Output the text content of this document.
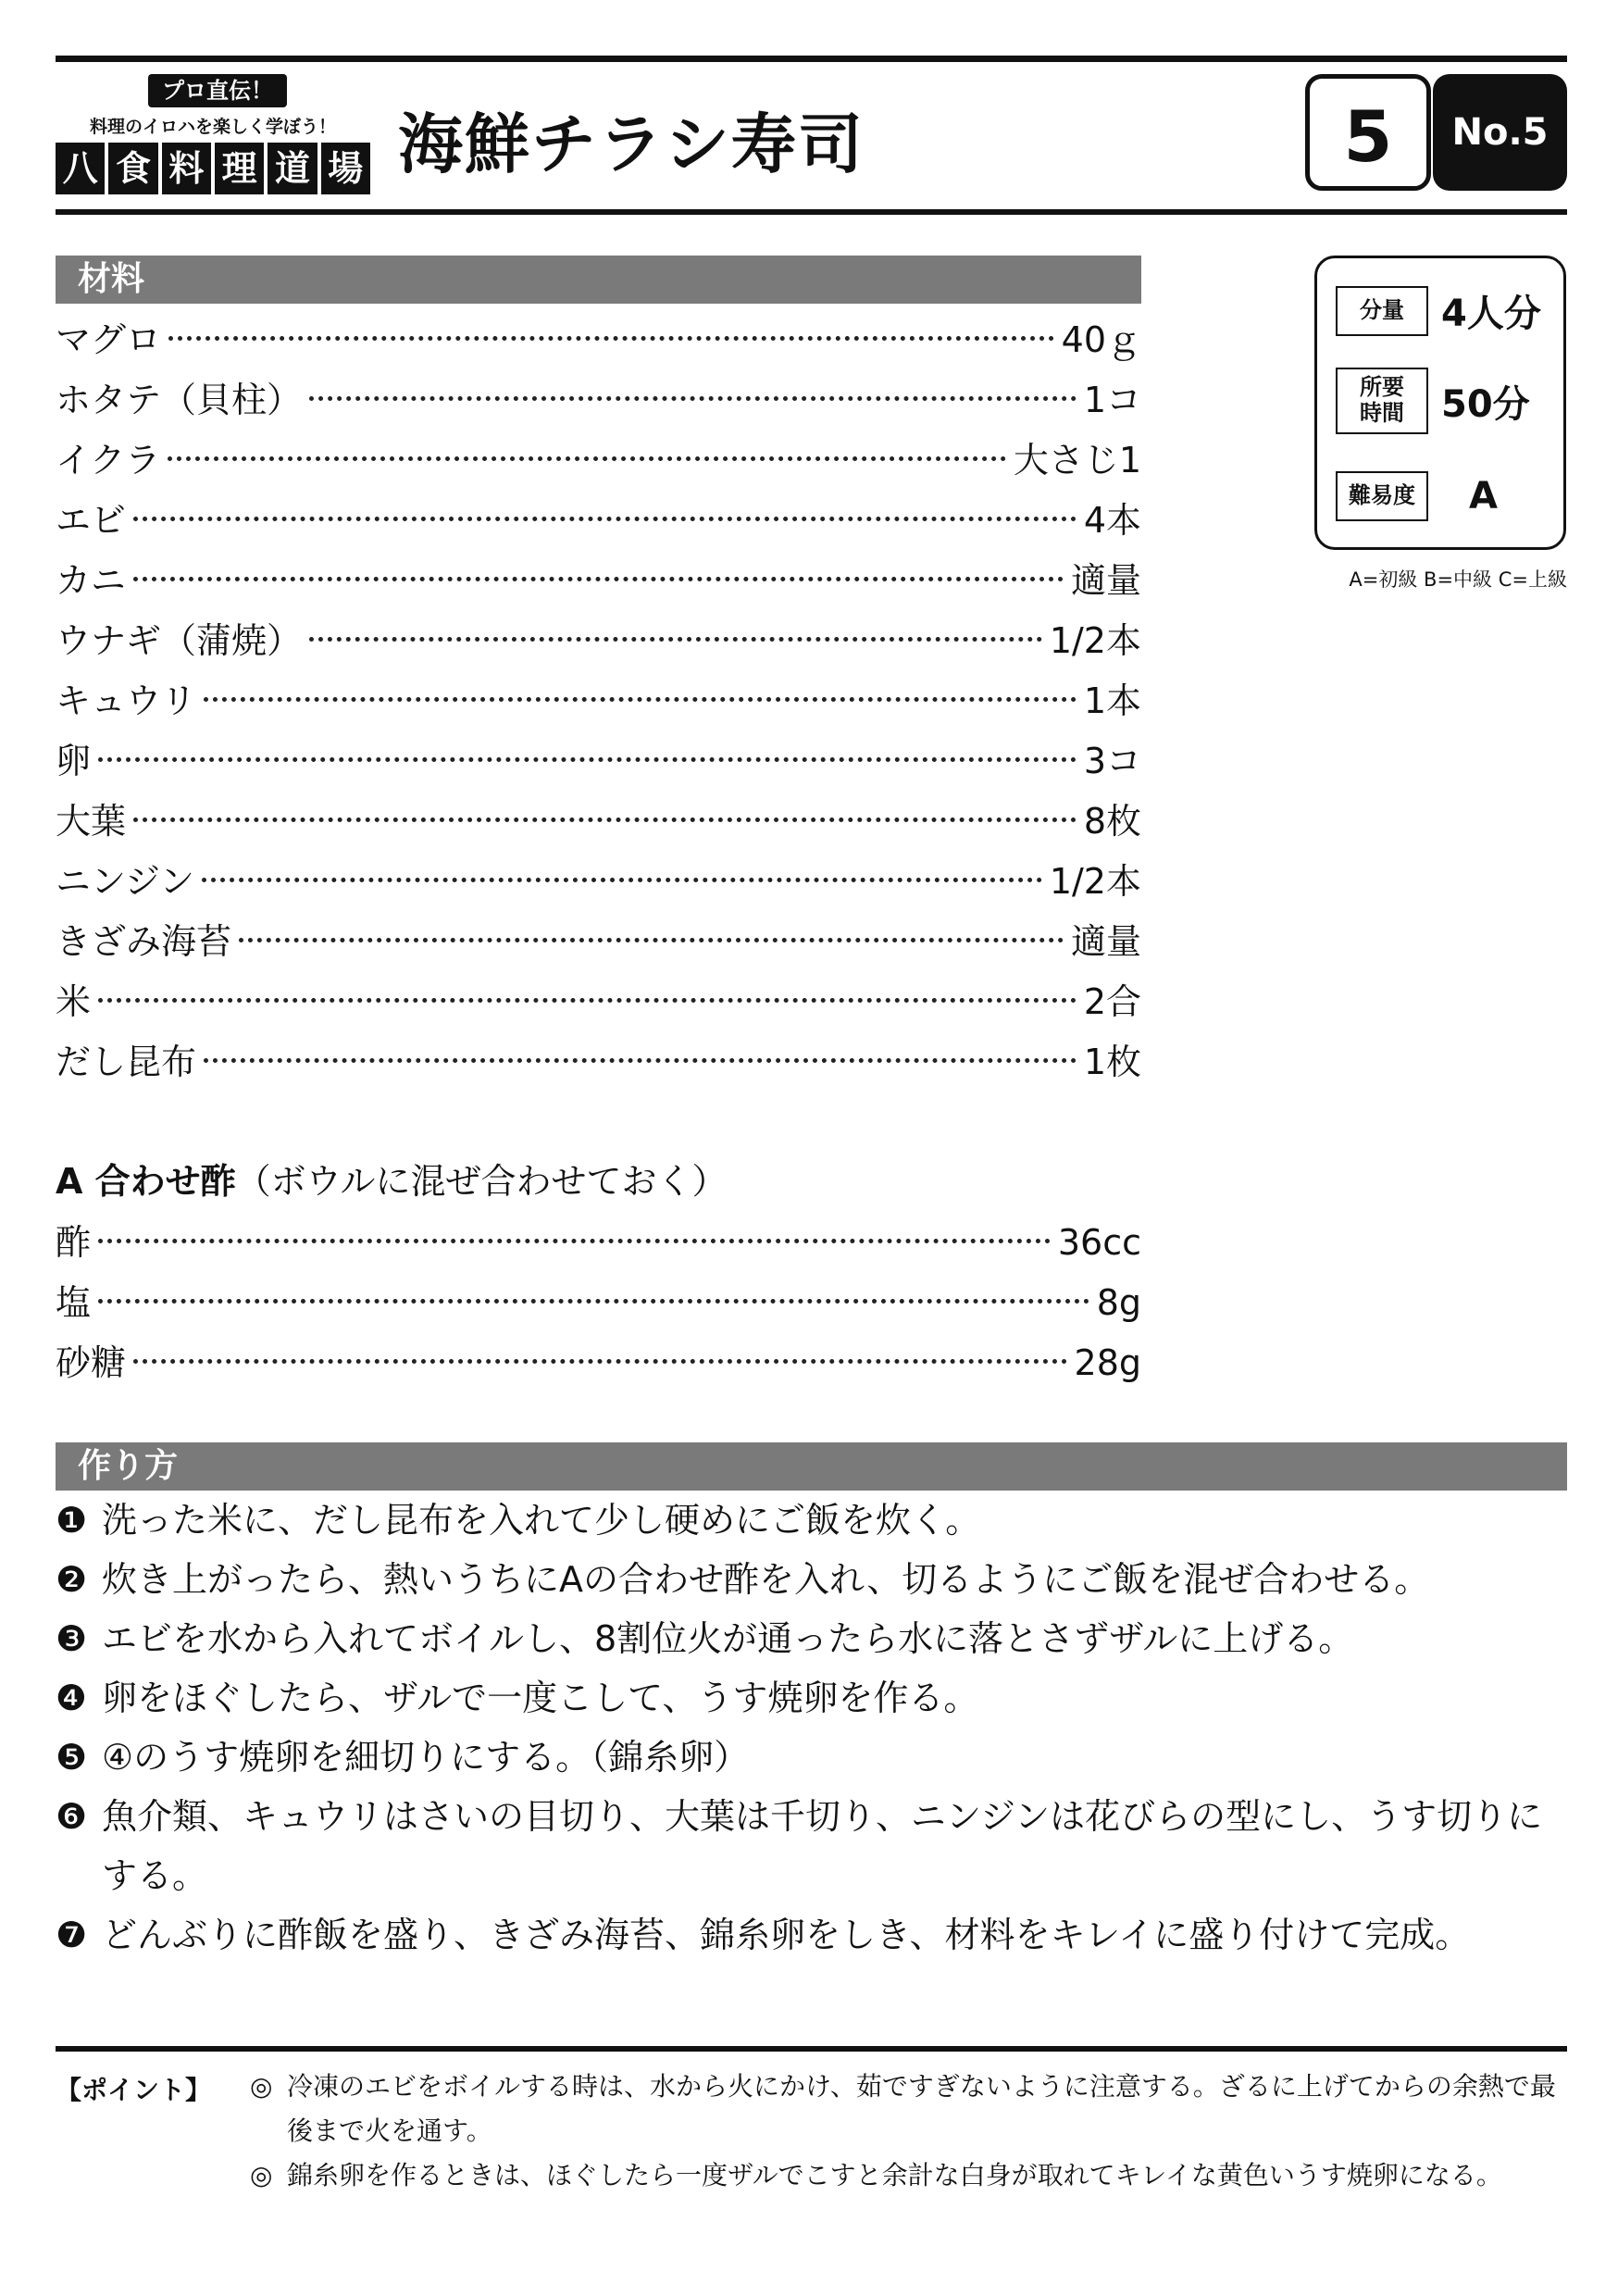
プロ直伝！
料理のイロハを楽しく学ぼう！
八 食 料 理 道 場 海鮮チラシ寿司	5	No.5
材料
マグロ	40ｇ
ホタテ（貝柱）	1コ
イクラ	大さじ1
エビ	4本
カニ	適量
ウナギ（蒲焼）	1/2本
キュウリ	1本
卵	3コ
大葉	8枚
ニンジン	1/2本
きざみ海苔	適量
米	2合
だし昆布	1枚
A 合わせ酢（ボウルに混ぜ合わせておく）
酢	36cc
塩	8g
砂糖	28g
分量	4人分
所要
時間	50分
難易度	A
A=初級 B=中級 C=上級
作り方
❶ 洗った米に、だし昆布を入れて少し硬めにご飯を炊く。
❷ 炊き上がったら、熱いうちにAの合わせ酢を入れ、切るようにご飯を混ぜ合わせる。
❸ エビを水から入れてボイルし、8割位火が通ったら水に落とさずザルに上げる。
❹ 卵をほぐしたら、ザルで一度こして、うす焼卵を作る。
❺ ④のうす焼卵を細切りにする。（錦糸卵）
❻ 魚介類、キュウリはさいの目切り、大葉は千切り、ニンジンは花びらの型にし、うす切りにする。
❼ どんぶりに酢飯を盛り、きざみ海苔、錦糸卵をしき、材料をキレイに盛り付けて完成。
【ポイント】 ◎ 冷凍のエビをボイルする時は、水から火にかけ、茹ですぎないように注意する。ざるに上げてからの余熱で最後まで火を通す。
◎ 錦糸卵を作るときは、ほぐしたら一度ザルでこすと余計な白身が取れてキレイな黄色いうす焼卵になる。
